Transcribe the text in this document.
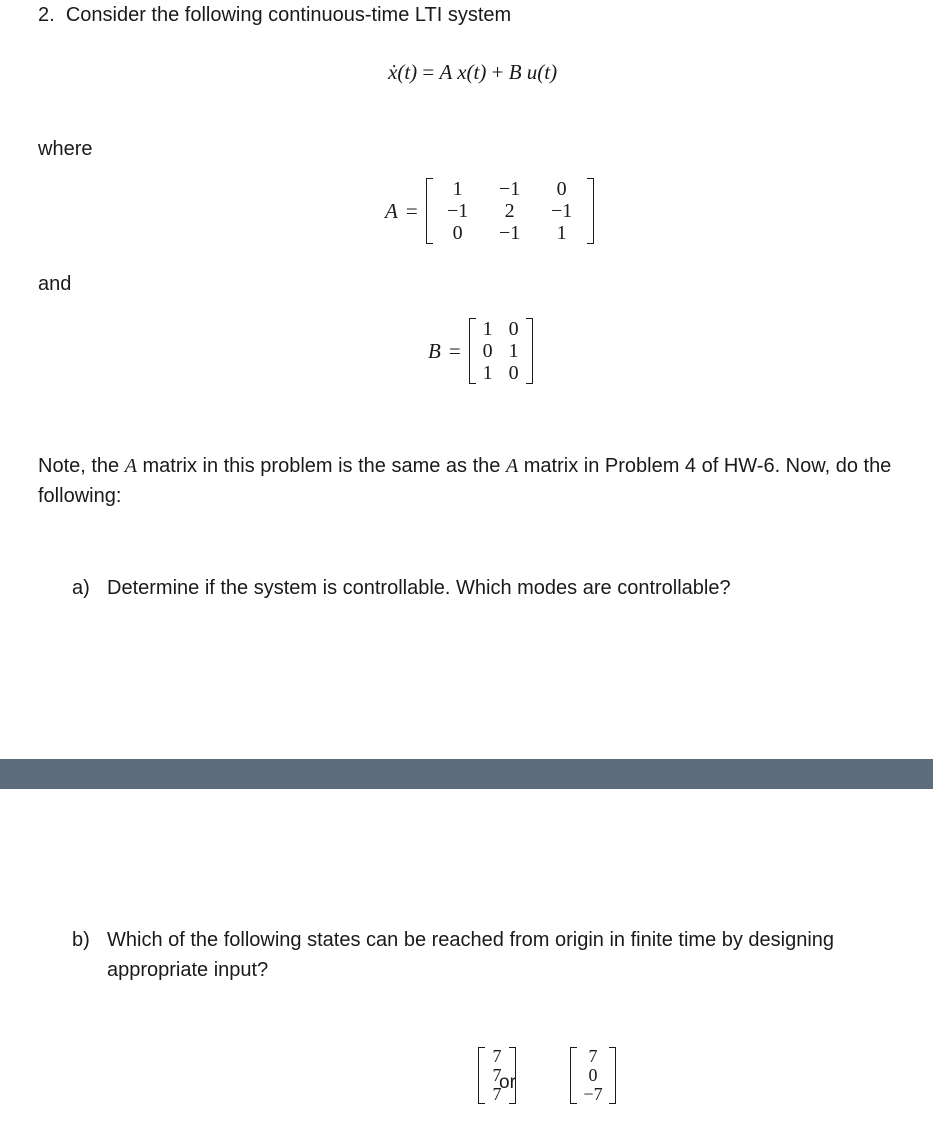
2. Consider the following continuous-time LTI system
ẋ(t) = A x(t) + B u(t)
where
A =
1	−1	0
−1	2	−1
0	−1	1
and
B =
1	0
0	1
1	0
Note, the A matrix in this problem is the same as the A matrix in Problem 4 of HW-6. Now, do the following:
a) Determine if the system is controllable. Which modes are controllable?
b) Which of the following states can be reached from origin in finite time by designing appropriate input?
7
7
7
or
7
0
−7
